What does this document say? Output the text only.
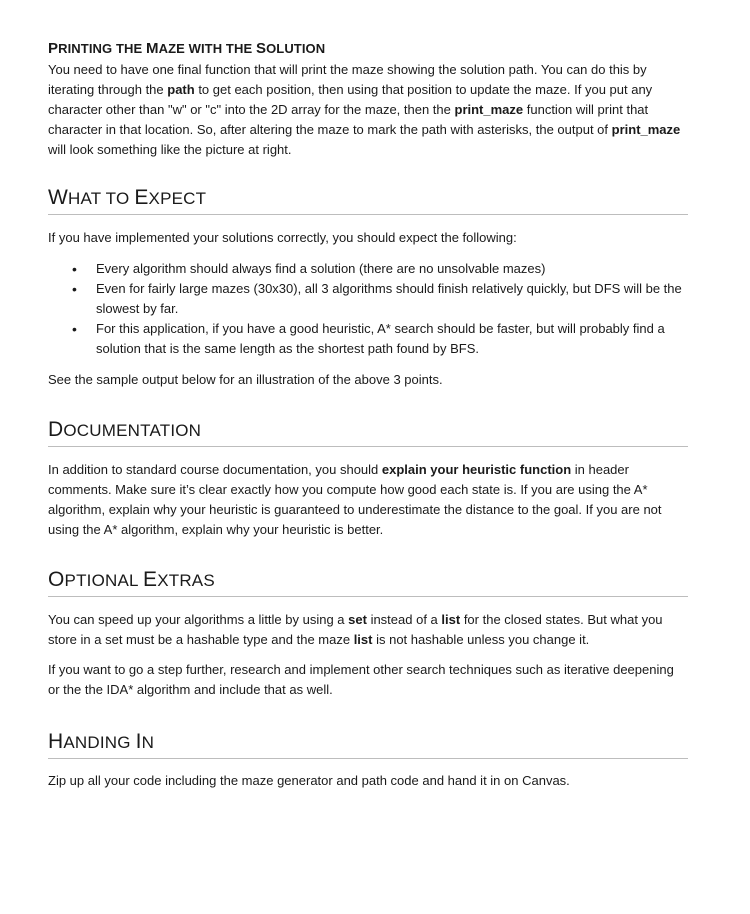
PRINTING THE MAZE WITH THE SOLUTION

You need to have one final function that will print the maze showing the solution path. You can do this by iterating through the path to get each position, then using that position to update the maze. If you put any character other than "w" or "c" into the 2D array for the maze, then the print_maze function will print that character in that location. So, after altering the maze to mark the path with asterisks, the output of print_maze will look something like the picture at right.

WHAT TO EXPECT

If you have implemented your solutions correctly, you should expect the following:

• Every algorithm should always find a solution (there are no unsolvable mazes)
• Even for fairly large mazes (30x30), all 3 algorithms should finish relatively quickly, but DFS will be the slowest by far.
• For this application, if you have a good heuristic, A* search should be faster, but will probably find a solution that is the same length as the shortest path found by BFS.

See the sample output below for an illustration of the above 3 points.

DOCUMENTATION

In addition to standard course documentation, you should explain your heuristic function in header comments. Make sure it’s clear exactly how you compute how good each state is. If you are using the A* algorithm, explain why your heuristic is guaranteed to underestimate the distance to the goal. If you are not using the A* algorithm, explain why your heuristic is better.

OPTIONAL EXTRAS

You can speed up your algorithms a little by using a set instead of a list for the closed states. But what you store in a set must be a hashable type and the maze list is not hashable unless you change it.

If you want to go a step further, research and implement other search techniques such as iterative deepening or the the IDA* algorithm and include that as well.

HANDING IN

Zip up all your code including the maze generator and path code and hand it in on Canvas.
